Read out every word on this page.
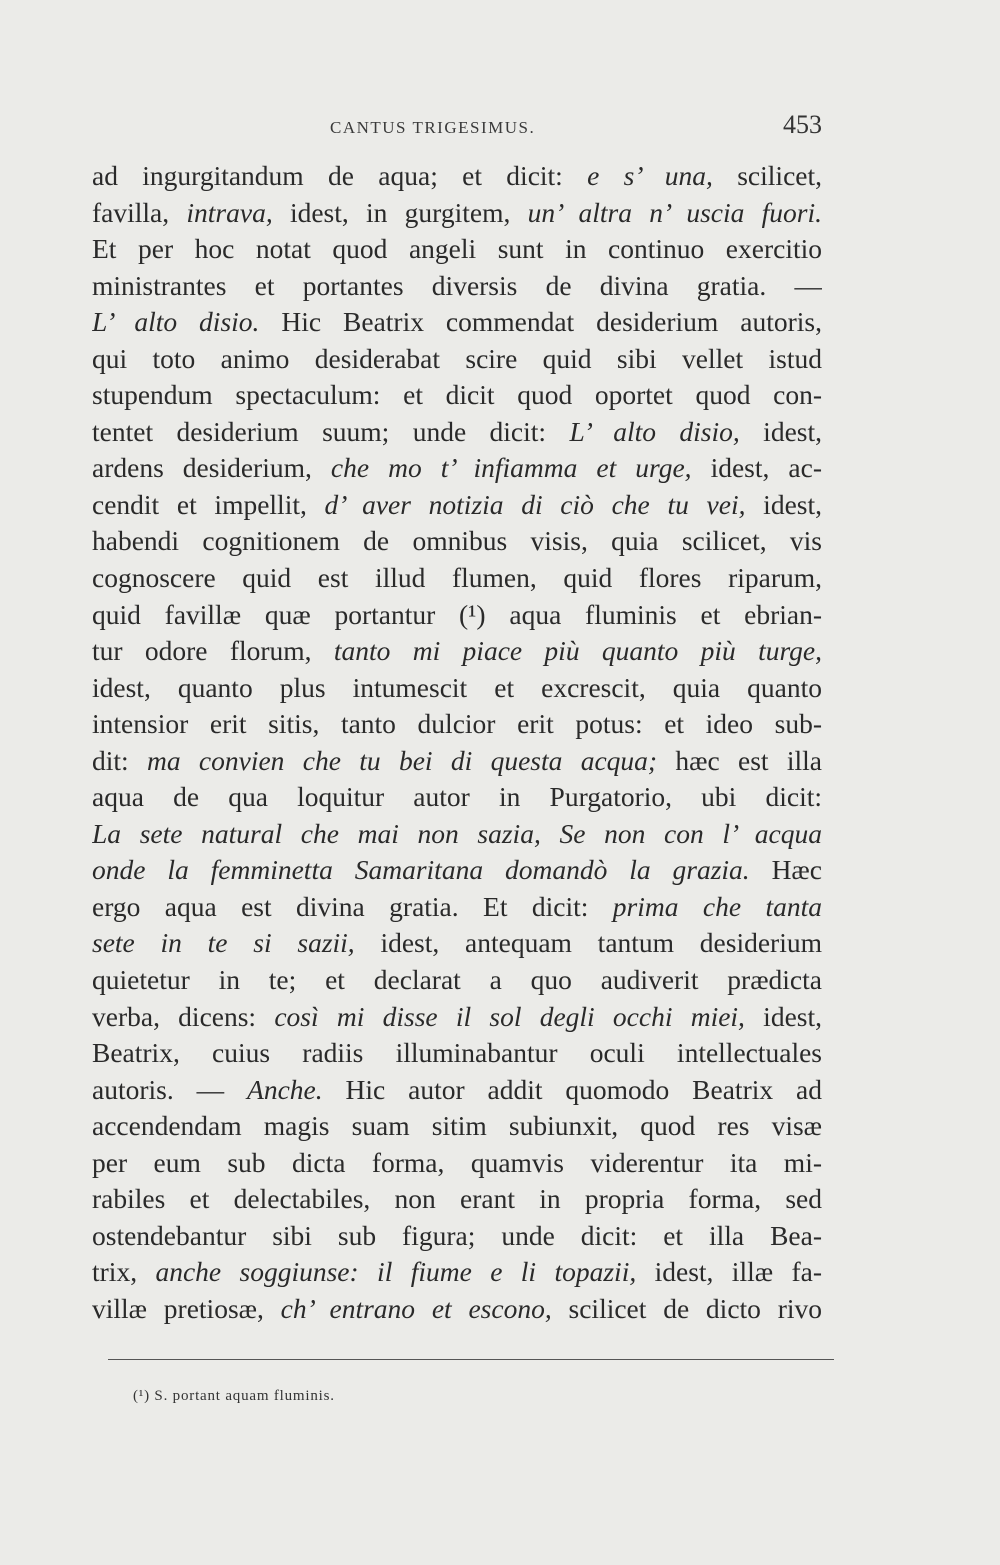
CANTUS TRIGESIMUS.	453
ad ingurgitandum de aqua; et dicit: e s’ una, scilicet,
favilla, intrava, idest, in gurgitem, un’ altra n’ uscia fuori.
Et per hoc notat quod angeli sunt in continuo exercitio
ministrantes et portantes diversis de divina gratia. —
L’ alto disio. Hic Beatrix commendat desiderium autoris,
qui toto animo desiderabat scire quid sibi vellet istud
stupendum spectaculum: et dicit quod oportet quod con-
tentet desiderium suum; unde dicit: L’ alto disio, idest,
ardens desiderium, che mo t’ infiamma et urge, idest, ac-
cendit et impellit, d’ aver notizia di ciò che tu vei, idest,
habendi cognitionem de omnibus visis, quia scilicet, vis
cognoscere quid est illud flumen, quid flores riparum,
quid favillæ quæ portantur (¹) aqua fluminis et ebrian-
tur odore florum, tanto mi piace più quanto più turge,
idest, quanto plus intumescit et excrescit, quia quanto
intensior erit sitis, tanto dulcior erit potus: et ideo sub-
dit: ma convien che tu bei di questa acqua; hæc est illa
aqua de qua loquitur autor in Purgatorio, ubi dicit:
La sete natural che mai non sazia, Se non con l’ acqua
onde la femminetta Samaritana domandò la grazia. Hæc
ergo aqua est divina gratia. Et dicit: prima che tanta
sete in te si sazii, idest, antequam tantum desiderium
quietetur in te; et declarat a quo audiverit prædicta
verba, dicens: così mi disse il sol degli occhi miei, idest,
Beatrix, cuius radiis illuminabantur oculi intellectuales
autoris. — Anche. Hic autor addit quomodo Beatrix ad
accendendam magis suam sitim subiunxit, quod res visæ
per eum sub dicta forma, quamvis viderentur ita mi-
rabiles et delectabiles, non erant in propria forma, sed
ostendebantur sibi sub figura; unde dicit: et illa Bea-
trix, anche soggiunse: il fiume e li topazii, idest, illæ fa-
villæ pretiosæ, ch’ entrano et escono, scilicet de dicto rivo
(¹) S. portant aquam fluminis.
